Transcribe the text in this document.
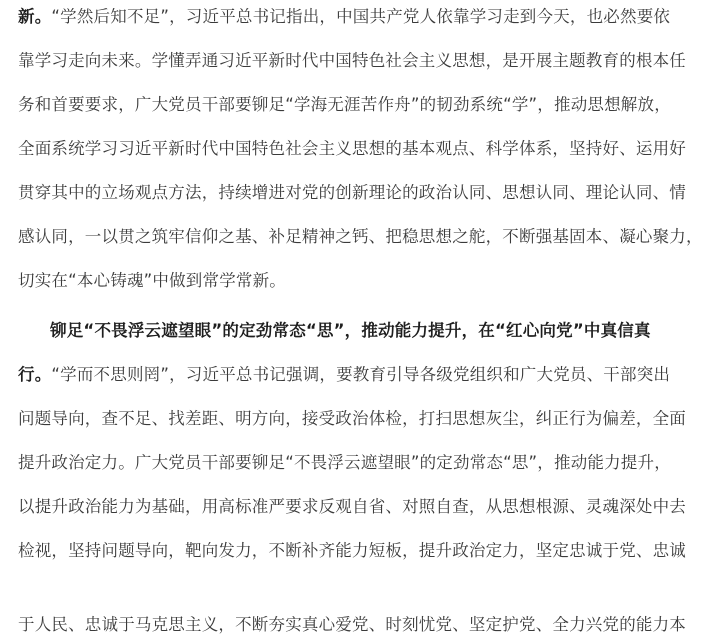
新。“学然后知不足”，习近平总书记指出，中国共产党人依靠学习走到今天，也必然要依
靠学习走向未来。学懂弄通习近平新时代中国特色社会主义思想，是开展主题教育的根本任
务和首要要求，广大党员干部要铆足“学海无涯苦作舟”的韧劲系统“学”，推动思想解放，
全面系统学习习近平新时代中国特色社会主义思想的基本观点、科学体系，坚持好、运用好
贯穿其中的立场观点方法，持续增进对党的创新理论的政治认同、思想认同、理论认同、情
感认同，一以贯之筑牢信仰之基、补足精神之钙、把稳思想之舵，不断强基固本、凝心聚力，
切实在“本心铸魂”中做到常学常新。
铆足“不畏浮云遮望眼”的定劲常态“思”，推动能力提升，在“红心向党”中真信真
行。“学而不思则罔”，习近平总书记强调，要教育引导各级党组织和广大党员、干部突出
问题导向，查不足、找差距、明方向，接受政治体检，打扫思想灰尘，纠正行为偏差，全面
提升政治定力。广大党员干部要铆足“不畏浮云遮望眼”的定劲常态“思”，推动能力提升，
以提升政治能力为基础，用高标准严要求反观自省、对照自查，从思想根源、灵魂深处中去
检视，坚持问题导向，靶向发力，不断补齐能力短板，提升政治定力，坚定忠诚于党、忠诚
于人民、忠诚于马克思主义，不断夯实真心爱党、时刻忧党、坚定护党、全力兴党的能力本
